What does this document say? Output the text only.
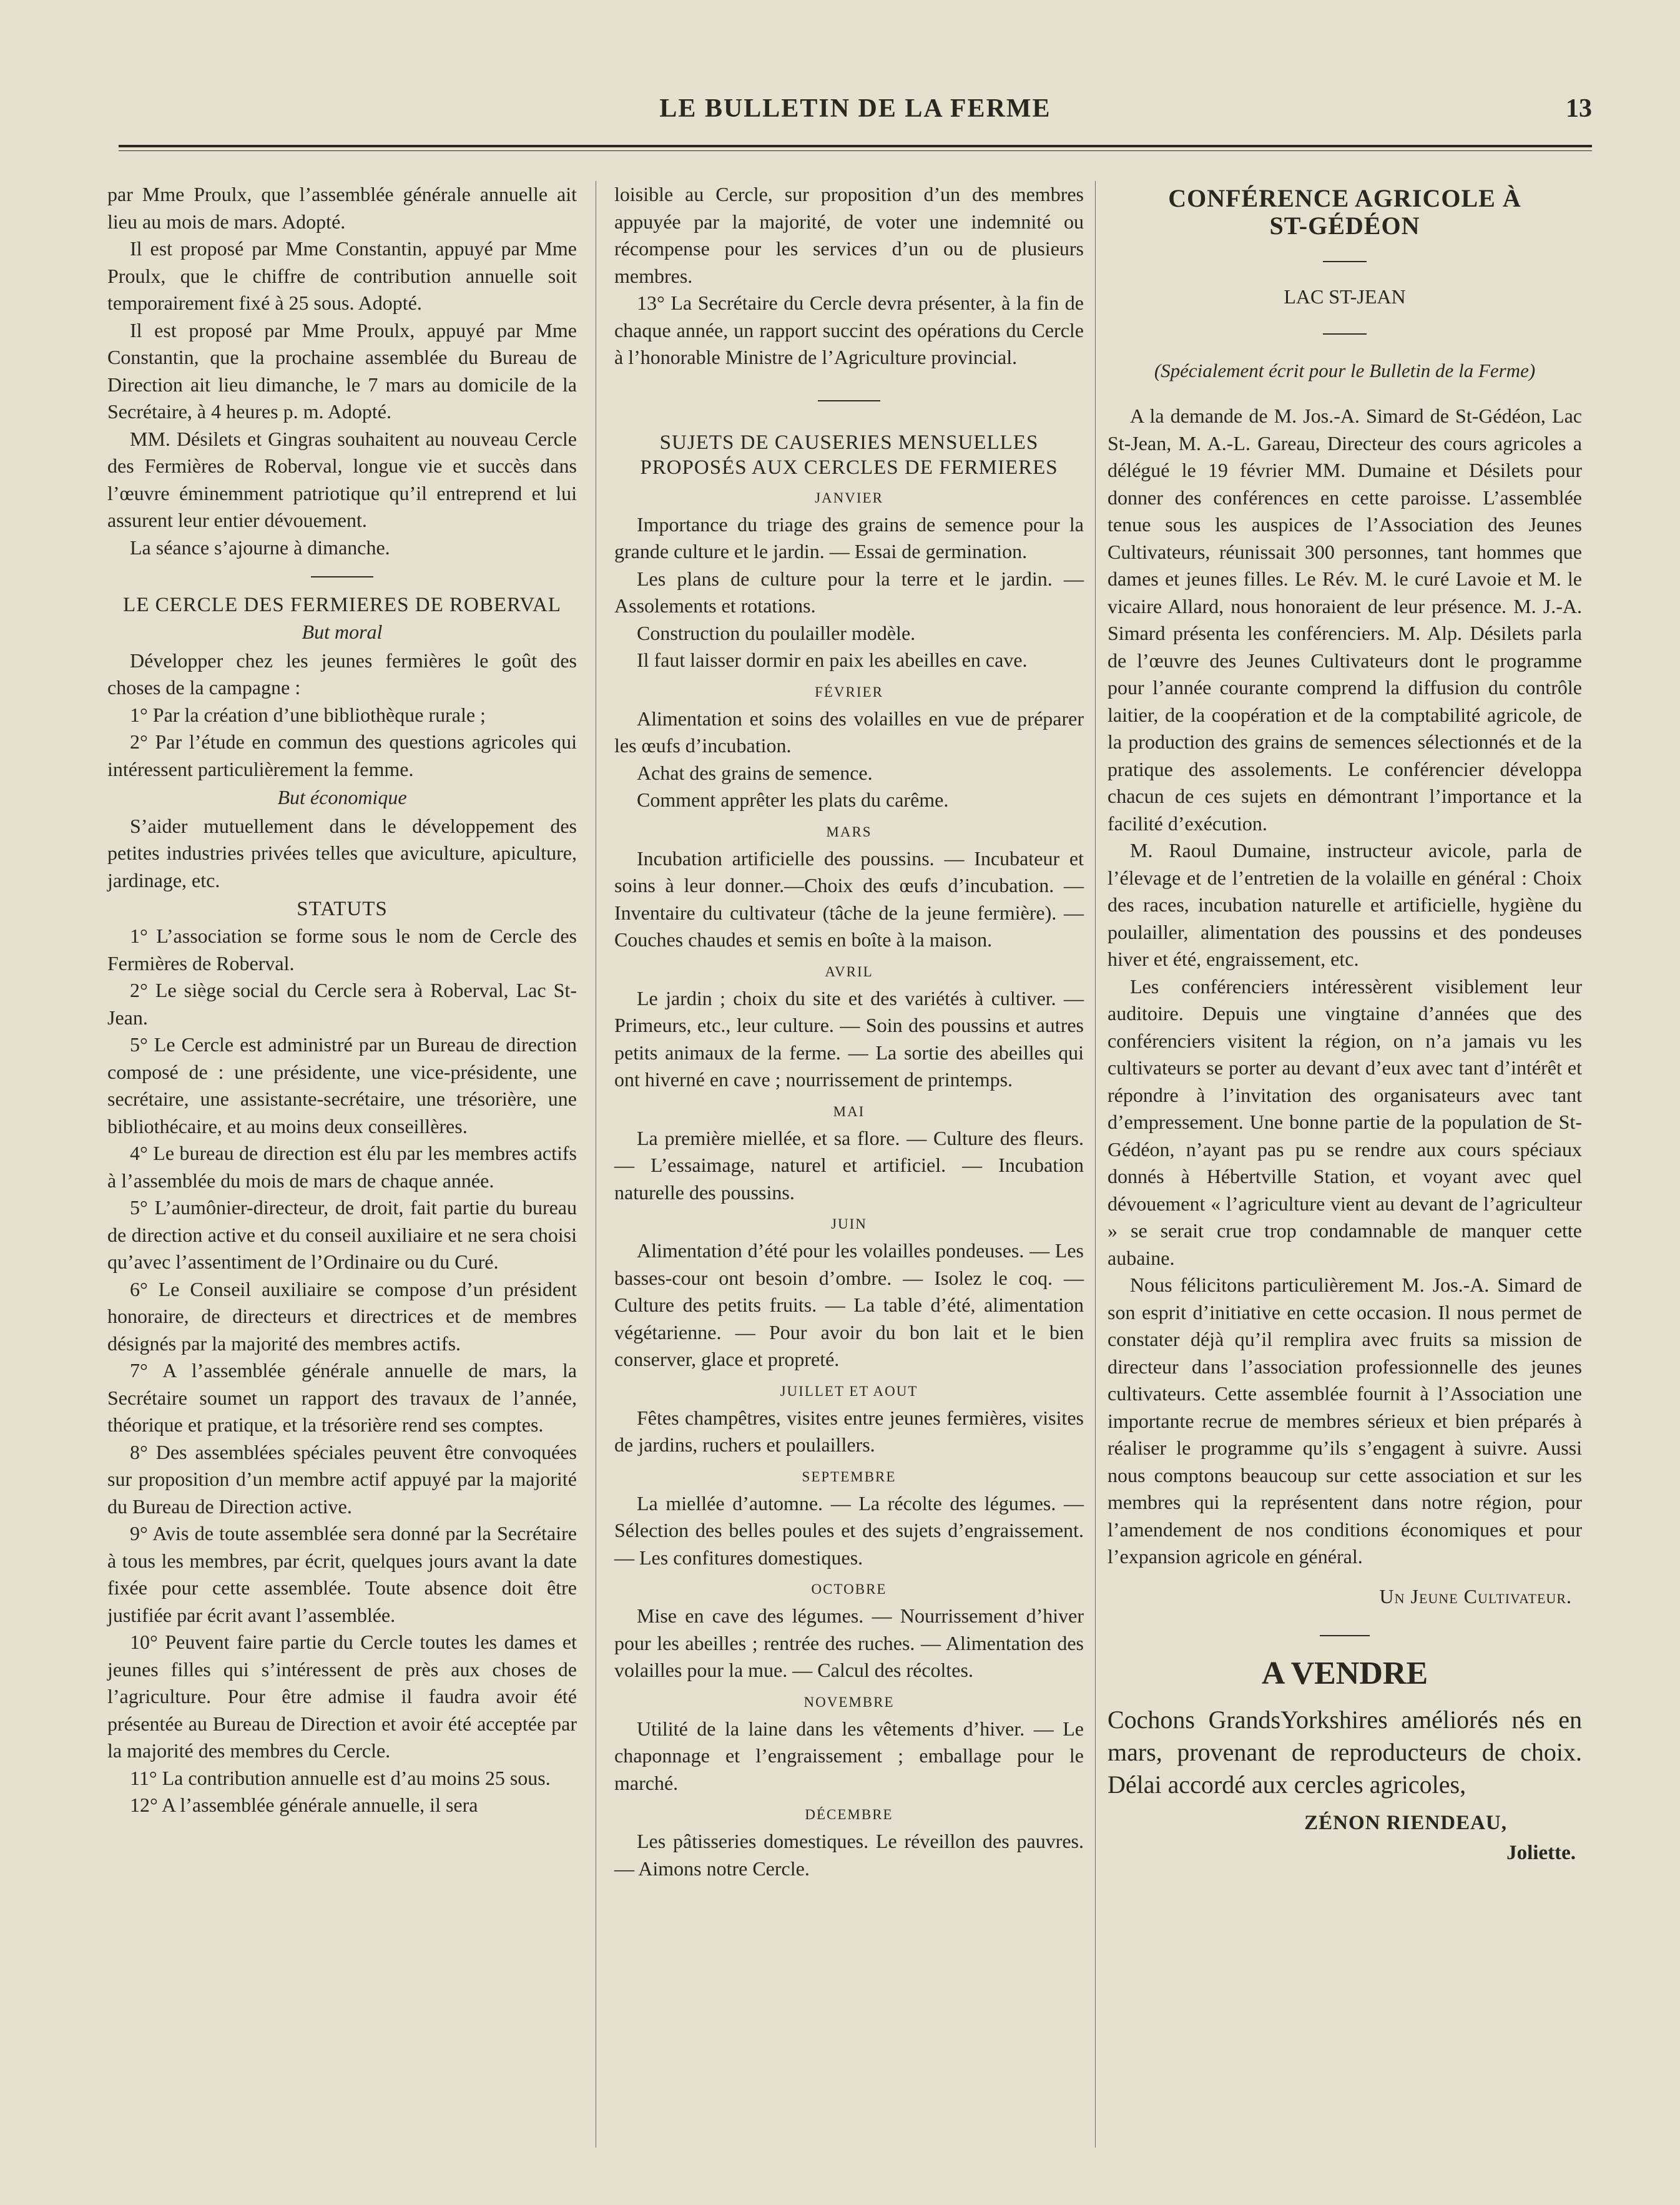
LE BULLETIN DE LA FERME	13

par Mme Proulx, que l’assemblée générale annuelle ait lieu au mois de mars. Adopté.

Il est proposé par Mme Constantin, appuyé par Mme Proulx, que le chiffre de contribution annuelle soit temporairement fixé à 25 sous. Adopté.

Il est proposé par Mme Proulx, appuyé par Mme Constantin, que la prochaine assemblée du Bureau de Direction ait lieu dimanche, le 7 mars au domicile de la Secrétaire, à 4 heures p. m. Adopté.

MM. Désilets et Gingras souhaitent au nouveau Cercle des Fermières de Roberval, longue vie et succès dans l’œuvre éminemment patriotique qu’il entreprend et lui assurent leur entier dévouement.

La séance s’ajourne à dimanche.

LE CERCLE DES FERMIERES DE ROBERVAL
But moral

Développer chez les jeunes fermières le goût des choses de la campagne :

1° Par la création d’une bibliothèque rurale ;

2° Par l’étude en commun des questions agricoles qui intéressent particulièrement la femme.

But économique

S’aider mutuellement dans le développement des petites industries privées telles que aviculture, apiculture, jardinage, etc.

STATUTS

1° L’association se forme sous le nom de Cercle des Fermières de Roberval.

2° Le siège social du Cercle sera à Roberval, Lac St-Jean.

5° Le Cercle est administré par un Bureau de direction composé de : une présidente, une vice-présidente, une secrétaire, une assistante-secrétaire, une trésorière, une bibliothécaire, et au moins deux conseillères.

4° Le bureau de direction est élu par les membres actifs à l’assemblée du mois de mars de chaque année.

5° L’aumônier-directeur, de droit, fait partie du bureau de direction active et du conseil auxiliaire et ne sera choisi qu’avec l’assentiment de l’Ordinaire ou du Curé.

6° Le Conseil auxiliaire se compose d’un président honoraire, de directeurs et directrices et de membres désignés par la majorité des membres actifs.

7° A l’assemblée générale annuelle de mars, la Secrétaire soumet un rapport des travaux de l’année, théorique et pratique, et la trésorière rend ses comptes.

8° Des assemblées spéciales peuvent être convoquées sur proposition d’un membre actif appuyé par la majorité du Bureau de Direction active.

9° Avis de toute assemblée sera donné par la Secrétaire à tous les membres, par écrit, quelques jours avant la date fixée pour cette assemblée. Toute absence doit être justifiée par écrit avant l’assemblée.

10° Peuvent faire partie du Cercle toutes les dames et jeunes filles qui s’intéressent de près aux choses de l’agriculture. Pour être admise il faudra avoir été présentée au Bureau de Direction et avoir été acceptée par la majorité des membres du Cercle.

11° La contribution annuelle est d’au moins 25 sous.

12° A l’assemblée générale annuelle, il sera

loisible au Cercle, sur proposition d’un des membres appuyée par la majorité, de voter une indemnité ou récompense pour les services d’un ou de plusieurs membres.

13° La Secrétaire du Cercle devra présenter, à la fin de chaque année, un rapport succint des opérations du Cercle à l’honorable Ministre de l’Agriculture provincial.

SUJETS DE CAUSERIES MENSUELLES PROPOSÉS AUX CERCLES DE FERMIERES
JANVIER

Importance du triage des grains de semence pour la grande culture et le jardin. — Essai de germination.

Les plans de culture pour la terre et le jardin. — Assolements et rotations.

Construction du poulailler modèle.

Il faut laisser dormir en paix les abeilles en cave.

FÉVRIER

Alimentation et soins des volailles en vue de préparer les œufs d’incubation.

Achat des grains de semence.

Comment apprêter les plats du carême.

MARS

Incubation artificielle des poussins. — Incubateur et soins à leur donner.—Choix des œufs d’incubation. — Inventaire du cultivateur (tâche de la jeune fermière). — Couches chaudes et semis en boîte à la maison.

AVRIL

Le jardin ; choix du site et des variétés à cultiver. — Primeurs, etc., leur culture. — Soin des poussins et autres petits animaux de la ferme. — La sortie des abeilles qui ont hiverné en cave ; nourrissement de printemps.

MAI

La première miellée, et sa flore. — Culture des fleurs. — L’essaimage, naturel et artificiel. — Incubation naturelle des poussins.

JUIN

Alimentation d’été pour les volailles pondeuses. — Les basses-cour ont besoin d’ombre. — Isolez le coq. — Culture des petits fruits. — La table d’été, alimentation végétarienne. — Pour avoir du bon lait et le bien conserver, glace et propreté.

JUILLET ET AOUT

Fêtes champêtres, visites entre jeunes fermières, visites de jardins, ruchers et poulaillers.

SEPTEMBRE

La miellée d’automne. — La récolte des légumes. — Sélection des belles poules et des sujets d’engraissement. — Les confitures domestiques.

OCTOBRE

Mise en cave des légumes. — Nourrissement d’hiver pour les abeilles ; rentrée des ruches. — Alimentation des volailles pour la mue. — Calcul des récoltes.

NOVEMBRE

Utilité de la laine dans les vêtements d’hiver. — Le chaponnage et l’engraissement ; emballage pour le marché.

DÉCEMBRE

Les pâtisseries domestiques. Le réveillon des pauvres. — Aimons notre Cercle.

CONFÉRENCE AGRICOLE À
ST-GÉDÉON
LAC ST-JEAN
(Spécialement écrit pour le Bulletin de la Ferme)

A la demande de M. Jos.-A. Simard de St-Gédéon, Lac St-Jean, M. A.-L. Gareau, Directeur des cours agricoles a délégué le 19 février MM. Dumaine et Désilets pour donner des conférences en cette paroisse. L’assemblée tenue sous les auspices de l’Association des Jeunes Cultivateurs, réunissait 300 personnes, tant hommes que dames et jeunes filles. Le Rév. M. le curé Lavoie et M. le vicaire Allard, nous honoraient de leur présence. M. J.-A. Simard présenta les conférenciers. M. Alp. Désilets parla de l’œuvre des Jeunes Cultivateurs dont le programme pour l’année courante comprend la diffusion du contrôle laitier, de la coopération et de la comptabilité agricole, de la production des grains de semences sélectionnés et de la pratique des assolements. Le conférencier développa chacun de ces sujets en démontrant l’importance et la facilité d’exécution.

M. Raoul Dumaine, instructeur avicole, parla de l’élevage et de l’entretien de la volaille en général : Choix des races, incubation naturelle et artificielle, hygiène du poulailler, alimentation des poussins et des pondeuses hiver et été, engraissement, etc.

Les conférenciers intéressèrent visiblement leur auditoire. Depuis une vingtaine d’années que des conférenciers visitent la région, on n’a jamais vu les cultivateurs se porter au devant d’eux avec tant d’intérêt et répondre à l’invitation des organisateurs avec tant d’empressement. Une bonne partie de la population de St-Gédéon, n’ayant pas pu se rendre aux cours spéciaux donnés à Hébertville Station, et voyant avec quel dévouement « l’agriculture vient au devant de l’agriculteur » se serait crue trop condamnable de manquer cette aubaine.

Nous félicitons particulièrement M. Jos.-A. Simard de son esprit d’initiative en cette occasion. Il nous permet de constater déjà qu’il remplira avec fruits sa mission de directeur dans l’association professionnelle des jeunes cultivateurs. Cette assemblée fournit à l’Association une importante recrue de membres sérieux et bien préparés à réaliser le programme qu’ils s’engagent à suivre. Aussi nous comptons beaucoup sur cette association et sur les membres qui la représentent dans notre région, pour l’amendement de nos conditions économiques et pour l’expansion agricole en général.

Un Jeune Cultivateur.
A VENDRE
Cochons GrandsYorkshires améliorés nés en mars, provenant de reproducteurs de choix. Délai accordé aux cercles agricoles,
ZÉNON RIENDEAU,
Joliette.
